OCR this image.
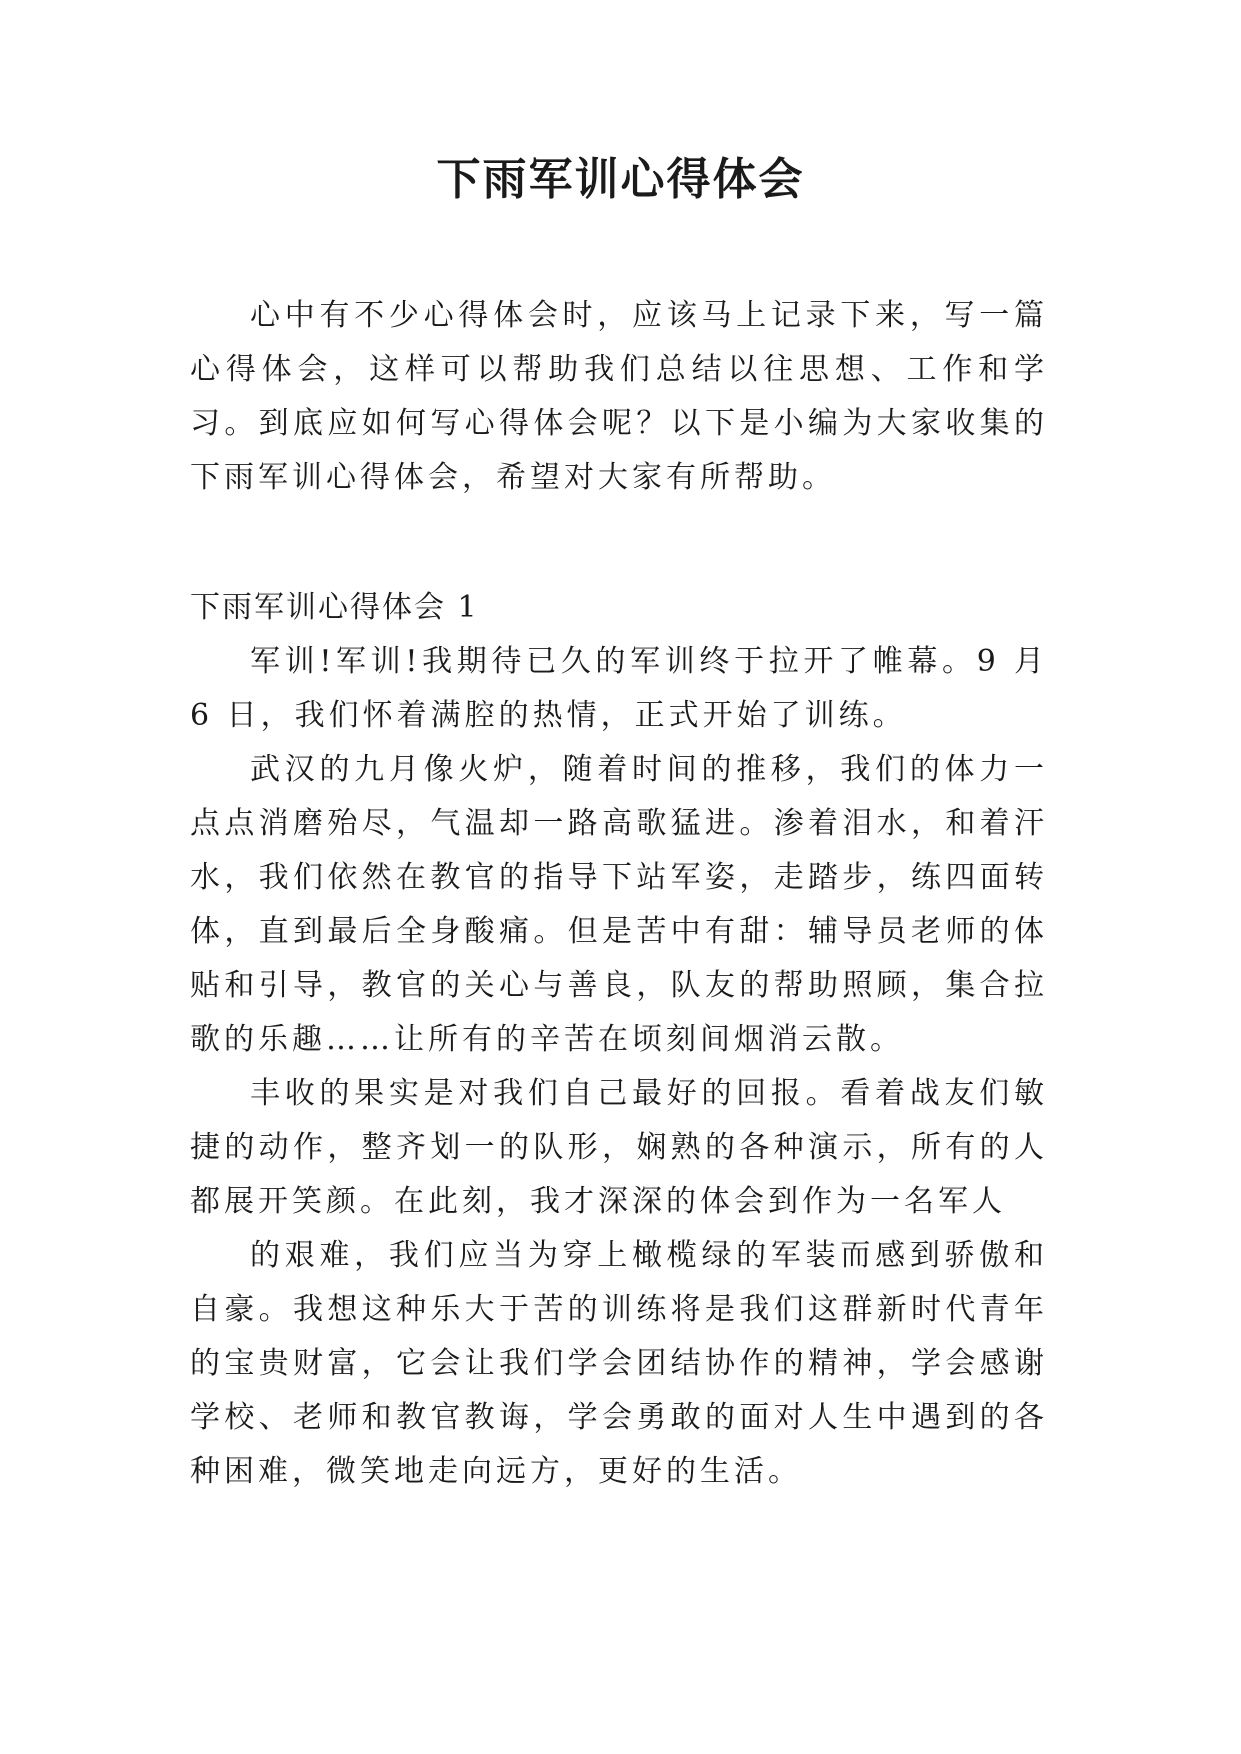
下雨军训心得体会

心中有不少心得体会时，应该马上记录下来，写一篇心得体会，这样可以帮助我们总结以往思想、工作和学习。到底应如何写心得体会呢？以下是小编为大家收集的下雨军训心得体会，希望对大家有所帮助。

下雨军训心得体会 1

军训!军训!我期待已久的军训终于拉开了帷幕。9 月 6 日，我们怀着满腔的热情，正式开始了训练。

武汉的九月像火炉，随着时间的推移，我们的体力一点点消磨殆尽，气温却一路高歌猛进。渗着泪水，和着汗水，我们依然在教官的指导下站军姿，走踏步，练四面转体，直到最后全身酸痛。但是苦中有甜：辅导员老师的体贴和引导，教官的关心与善良，队友的帮助照顾，集合拉歌的乐趣……让所有的辛苦在顷刻间烟消云散。

丰收的果实是对我们自己最好的回报。看着战友们敏捷的动作，整齐划一的队形，娴熟的各种演示，所有的人都展开笑颜。在此刻，我才深深的体会到作为一名军人

的艰难，我们应当为穿上橄榄绿的军装而感到骄傲和自豪。我想这种乐大于苦的训练将是我们这群新时代青年的宝贵财富，它会让我们学会团结协作的精神，学会感谢学校、老师和教官教诲，学会勇敢的面对人生中遇到的各种困难，微笑地走向远方，更好的生活。
